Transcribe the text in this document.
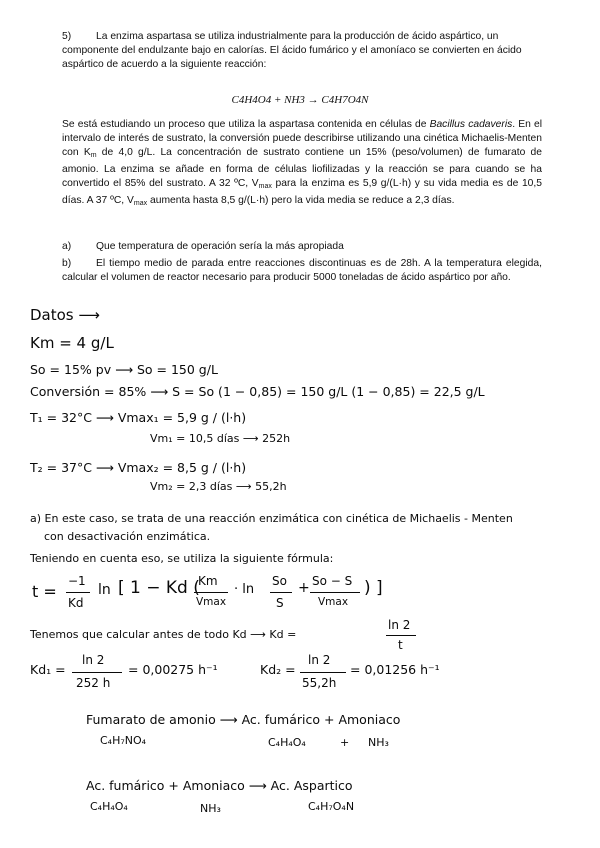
5) La enzima aspartasa se utiliza industrialmente para la producción de ácido aspártico, un componente del endulzante bajo en calorías. El ácido fumárico y el amoníaco se convierten en ácido aspártico de acuerdo a la siguiente reacción:
C4H4O4 + NH3 → C4H7O4N
Se está estudiando un proceso que utiliza la aspartasa contenida en células de Bacillus cadaveris. En el intervalo de interés de sustrato, la conversión puede describirse utilizando una cinética Michaelis-Menten con $K_m$ de 4,0 g/L. La concentración de sustrato contiene un 15% (peso/volumen) de fumarato de amonio. La enzima se añade en forma de células liofilizadas y la reacción se para cuando se ha convertido el 85% del sustrato. A 32 ºC, $V_{max}$ para la enzima es 5,9 g/(L·h) y su vida media es de 10,5 días. A 37 ºC, $V_{max}$ aumenta hasta 8,5 g/(L·h) pero la vida media se reduce a 2,3 días.
a) Que temperatura de operación sería la más apropiada
b) El tiempo medio de parada entre reacciones discontinuas es de 28h. A la temperatura elegida, calcular el volumen de reactor necesario para producir 5000 toneladas de ácido aspártico por año.
Datos ⟶
Km = 4 g/L
So = 15% pv ⟶ So = 150 g/L
Conversión = 85% ⟶ S = So (1 − 0,85) = 150 g/L (1 − 0,85) = 22,5 g/L
T₁ = 32°C ⟶ Vmax₁ = 5,9 g / (l·h)
Vm₁ = 10,5 días ⟶ 252h
T₂ = 37°C ⟶ Vmax₂ = 8,5 g / (l·h)
Vm₂ = 2,3 días ⟶ 55,2h
a) En este caso, se trata de una reacción enzimática con cinética de Michaelis - Menten
con desactivación enzimática.
Teniendo en cuenta eso, se utiliza la siguiente fórmula:
t =
−1
Kd
ln [ 1 − Kd (
Km
Vmax
· ln
So
S
+ So − S
Vmax
) ]
Tenemos que calcular antes de todo Kd ⟶ Kd =
ln 2
t
Kd₁ =
ln 2
252 h
= 0,00275 h⁻¹	Kd₂ =
ln 2
55,2h
= 0,01256 h⁻¹
Fumarato de amonio ⟶ Ac. fumárico + Amoniaco
C₄H₇NO₄	C₄H₄O₄	+ NH₃
Ac. fumárico + Amoniaco ⟶ Ac. Aspartico
C₄H₄O₄	NH₃	C₄H₇O₄N
